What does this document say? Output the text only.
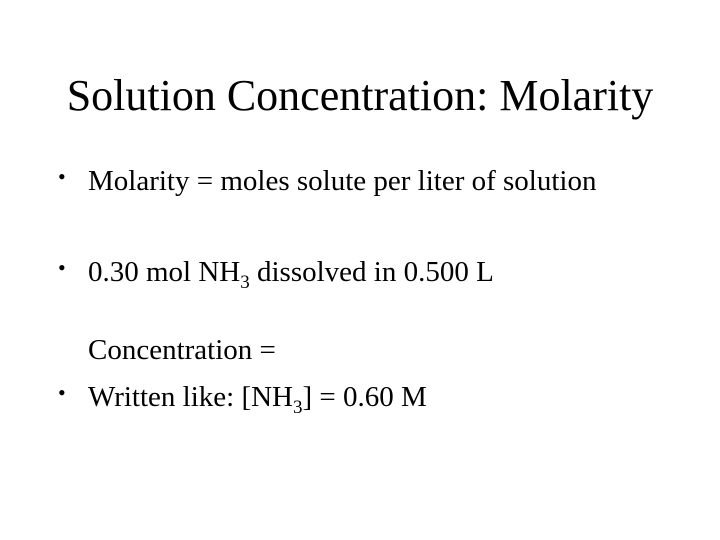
Solution Concentration: Molarity
• Molarity = moles solute per liter of solution
• 0.30 mol $NH_3$ dissolved in 0.500 L
Concentration =
• Written like: $[NH_3] = 0.60$ M
